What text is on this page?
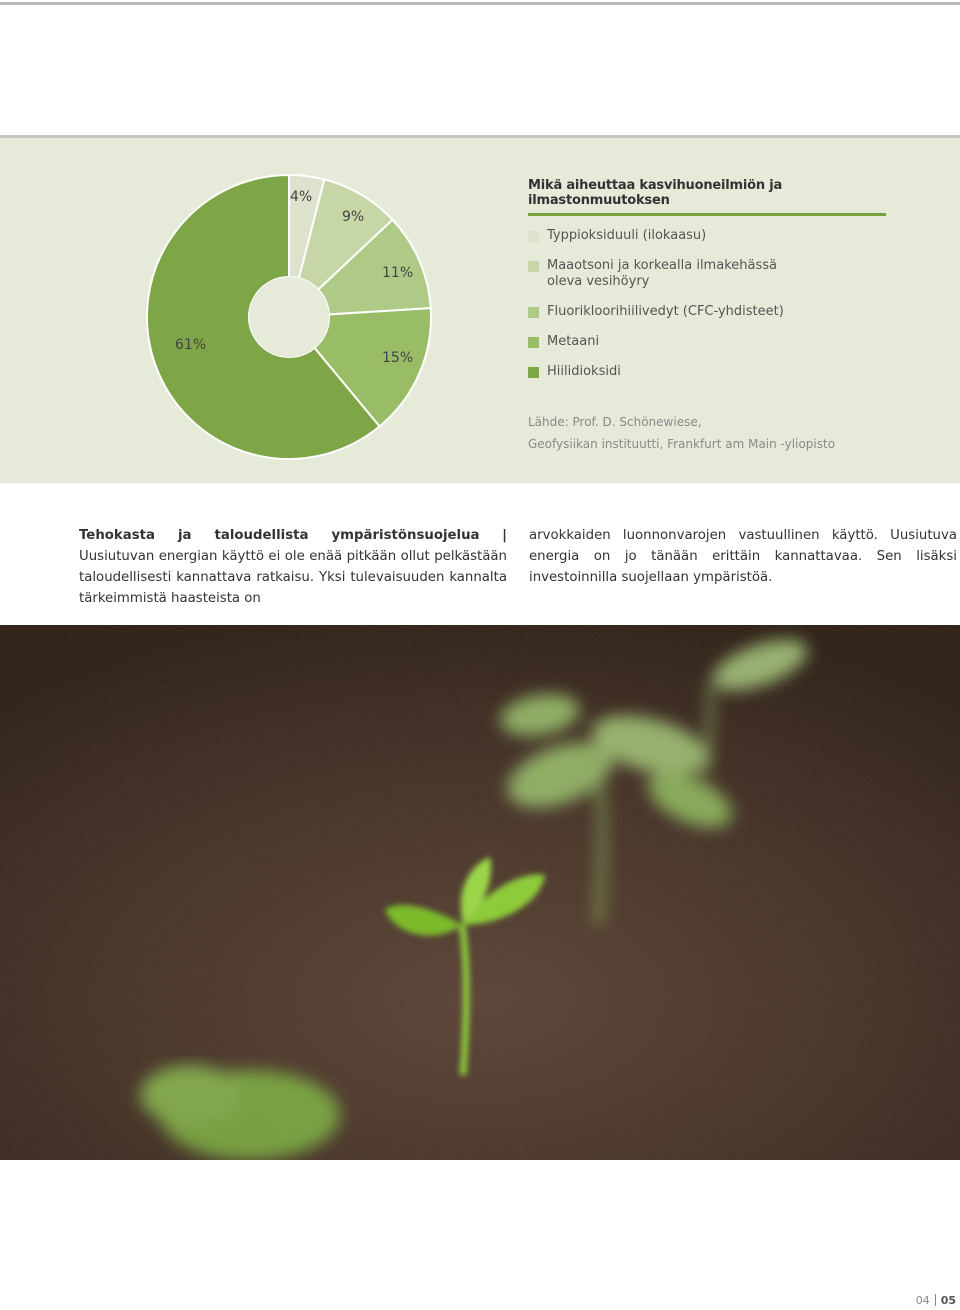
4%
9%
11%
15%
61%
Mikä aiheuttaa kasvihuoneilmiön ja ilmastonmuutoksen
Typpioksiduuli (ilokaasu)
Maaotsoni ja korkealla ilmakehässä
oleva vesihöyry
Fluorikloorihiilivedyt (CFC-yhdisteet)
Metaani
Hiilidioksidi
Lähde: Prof. D. Schönewiese,
Geofysiikan instituutti, Frankfurt am Main -yliopisto
Tehokasta ja taloudellista ympäristönsuojelua | Uusiutuvan energian käyttö ei ole enää pitkään ollut pelkästään taloudellisesti kannattava ratkaisu. Yksi tulevaisuuden kannalta tärkeimmistä haasteista on
arvokkaiden luonnonvarojen vastuullinen käyttö. Uusiutuva energia on jo tänään erittäin kannattavaa. Sen lisäksi investoinnilla suojellaan ympäristöä.
04 05
